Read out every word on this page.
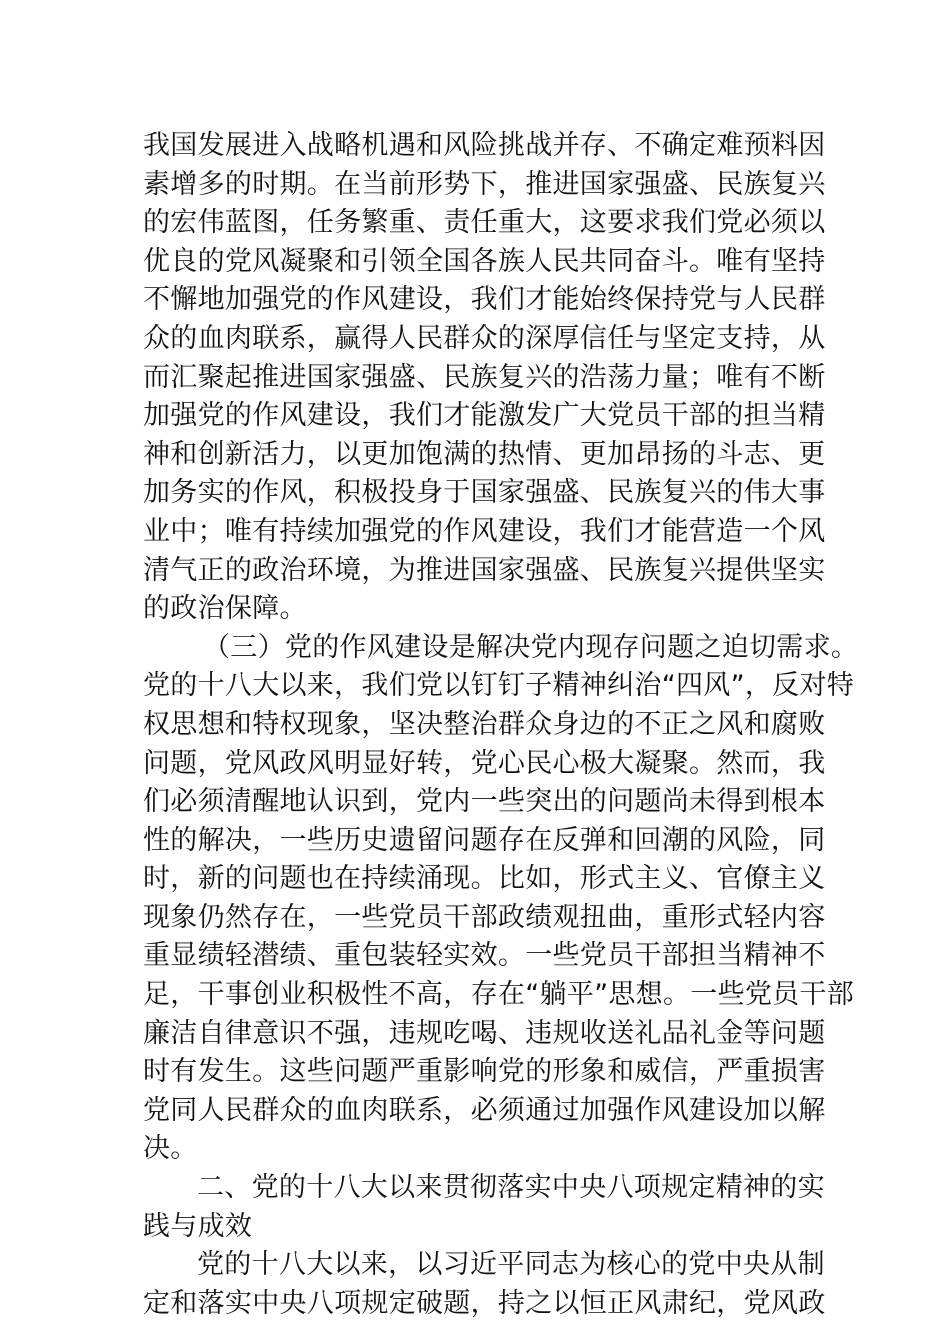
我国发展进入战略机遇和风险挑战并存、不确定难预料因
素增多的时期。在当前形势下，推进国家强盛、民族复兴
的宏伟蓝图，任务繁重、责任重大，这要求我们党必须以
优良的党风凝聚和引领全国各族人民共同奋斗。唯有坚持
不懈地加强党的作风建设，我们才能始终保持党与人民群
众的血肉联系，赢得人民群众的深厚信任与坚定支持，从
而汇聚起推进国家强盛、民族复兴的浩荡力量；唯有不断
加强党的作风建设，我们才能激发广大党员干部的担当精
神和创新活力，以更加饱满的热情、更加昂扬的斗志、更
加务实的作风，积极投身于国家强盛、民族复兴的伟大事
业中；唯有持续加强党的作风建设，我们才能营造一个风
清气正的政治环境，为推进国家强盛、民族复兴提供坚实
的政治保障。
（三）党的作风建设是解决党内现存问题之迫切需求。
党的十八大以来，我们党以钉钉子精神纠治“四风”，反对特
权思想和特权现象，坚决整治群众身边的不正之风和腐败
问题，党风政风明显好转，党心民心极大凝聚。然而，我
们必须清醒地认识到，党内一些突出的问题尚未得到根本
性的解决，一些历史遗留问题存在反弹和回潮的风险，同
时，新的问题也在持续涌现。比如，形式主义、官僚主义
现象仍然存在，一些党员干部政绩观扭曲，重形式轻内容
重显绩轻潜绩、重包装轻实效。一些党员干部担当精神不
足，干事创业积极性不高，存在“躺平”思想。一些党员干部
廉洁自律意识不强，违规吃喝、违规收送礼品礼金等问题
时有发生。这些问题严重影响党的形象和威信，严重损害
党同人民群众的血肉联系，必须通过加强作风建设加以解
决。
二、党的十八大以来贯彻落实中央八项规定精神的实
践与成效
党的十八大以来，以习近平同志为核心的党中央从制
定和落实中央八项规定破题，持之以恒正风肃纪，党风政
